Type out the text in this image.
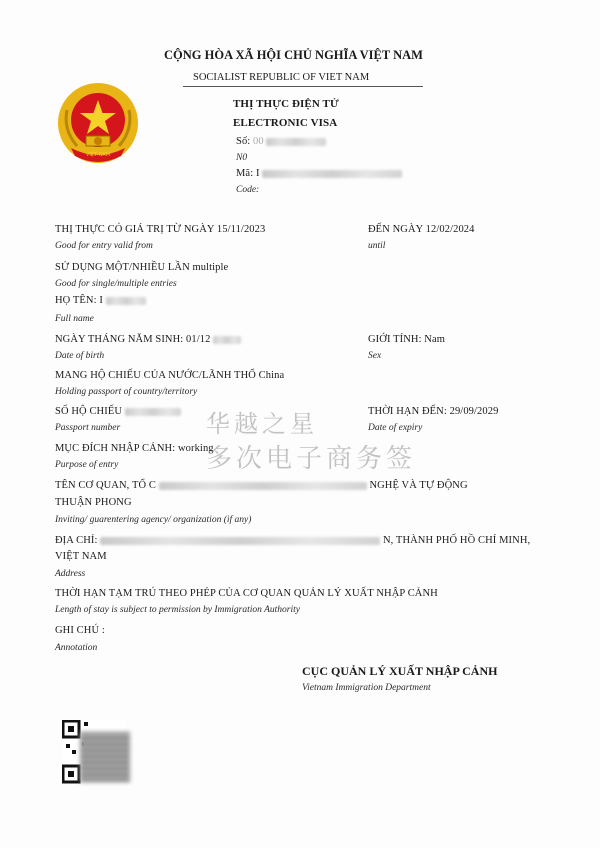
VIỆT NAM
CỘNG HÒA XÃ HỘI CHỦ NGHĨA VIỆT NAM
SOCIALIST REPUBLIC OF VIET NAM
THỊ THỰC ĐIỆN TỬ
ELECTRONIC VISA
Số: 00
N0
Mã: I
Code:
THỊ THỰC CÓ GIÁ TRỊ TỪ NGÀY 15/11/2023
Good for entry valid from
ĐẾN NGÀY 12/02/2024
until
SỬ DỤNG MỘT/NHIỀU LẦN multiple
Good for single/multiple entries
HỌ TÊN: I
Full name
NGÀY THÁNG NĂM SINH: 01/12
Date of birth
GIỚI TÍNH: Nam
Sex
MANG HỘ CHIẾU CỦA NƯỚC/LÃNH THỔ China
Holding passport of country/territory
SỐ HỘ CHIẾU
Passport number
THỜI HẠN ĐẾN: 29/09/2029
Date of expiry
MỤC ĐÍCH NHẬP CẢNH: working
Purpose of entry
TÊN CƠ QUAN, TỔ C	NGHỆ VÀ TỰ ĐỘNG
THUẬN PHONG
Inviting/ guarentering agency/ organization (if any)
ĐỊA CHỈ:	N, THÀNH PHỐ HỒ CHÍ MINH,
VIỆT NAM
Address
THỜI HẠN TẠM TRÚ THEO PHÉP CỦA CƠ QUAN QUẢN LÝ XUẤT NHẬP CẢNH
Length of stay is subject to permission by Immigration Authority
GHI CHÚ :
Annotation
CỤC QUẢN LÝ XUẤT NHẬP CẢNH
Vietnam Immigration Department
华越之星
多次电子商务签
